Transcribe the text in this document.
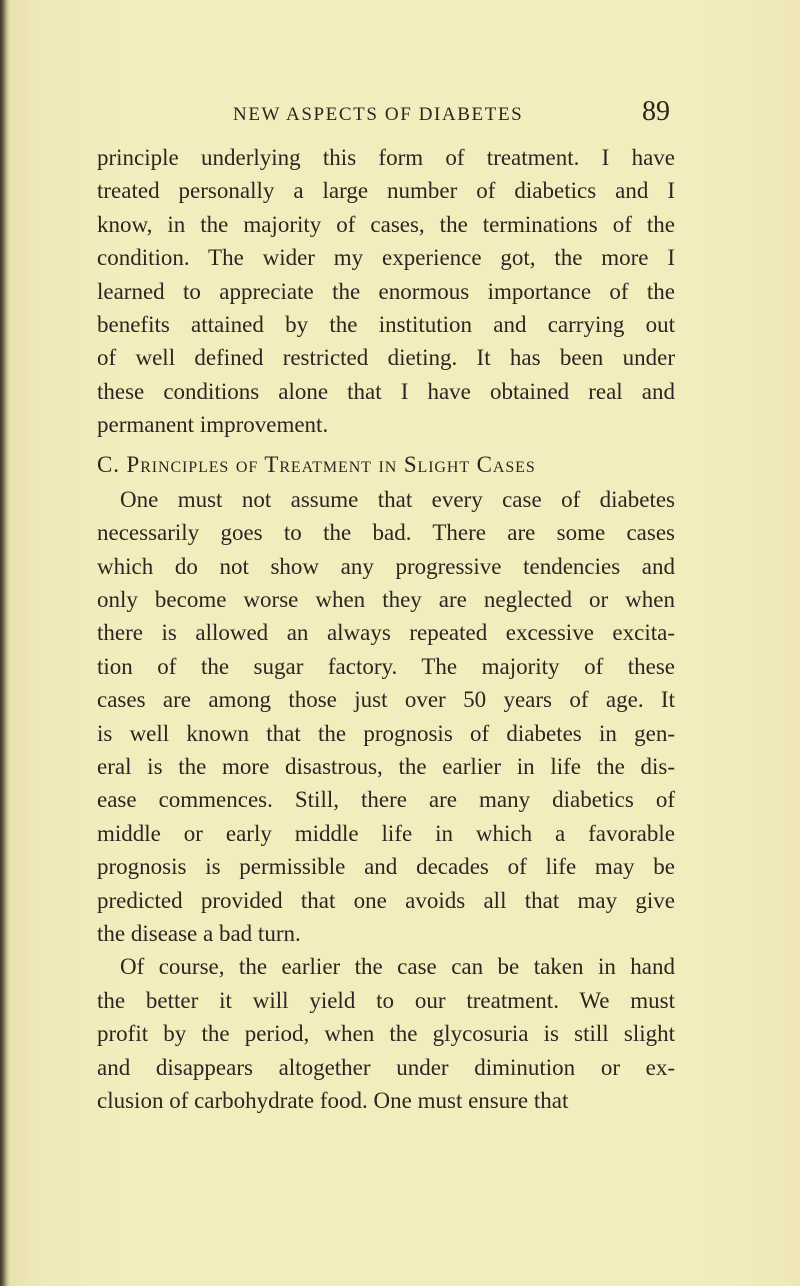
NEW ASPECTS OF DIABETES	89
principle underlying this form of treatment. I have
treated personally a large number of diabetics and I
know, in the majority of cases, the terminations of the
condition. The wider my experience got, the more I
learned to appreciate the enormous importance of the
benefits attained by the institution and carrying out
of well defined restricted dieting. It has been under
these conditions alone that I have obtained real and
permanent improvement.
C. Principles of Treatment in Slight Cases
One must not assume that every case of diabetes
necessarily goes to the bad. There are some cases
which do not show any progressive tendencies and
only become worse when they are neglected or when
there is allowed an always repeated excessive excita-
tion of the sugar factory. The majority of these
cases are among those just over 50 years of age. It
is well known that the prognosis of diabetes in gen-
eral is the more disastrous, the earlier in life the dis-
ease commences. Still, there are many diabetics of
middle or early middle life in which a favorable
prognosis is permissible and decades of life may be
predicted provided that one avoids all that may give
the disease a bad turn.
Of course, the earlier the case can be taken in hand
the better it will yield to our treatment. We must
profit by the period, when the glycosuria is still slight
and disappears altogether under diminution or ex-
clusion of carbohydrate food. One must ensure that
